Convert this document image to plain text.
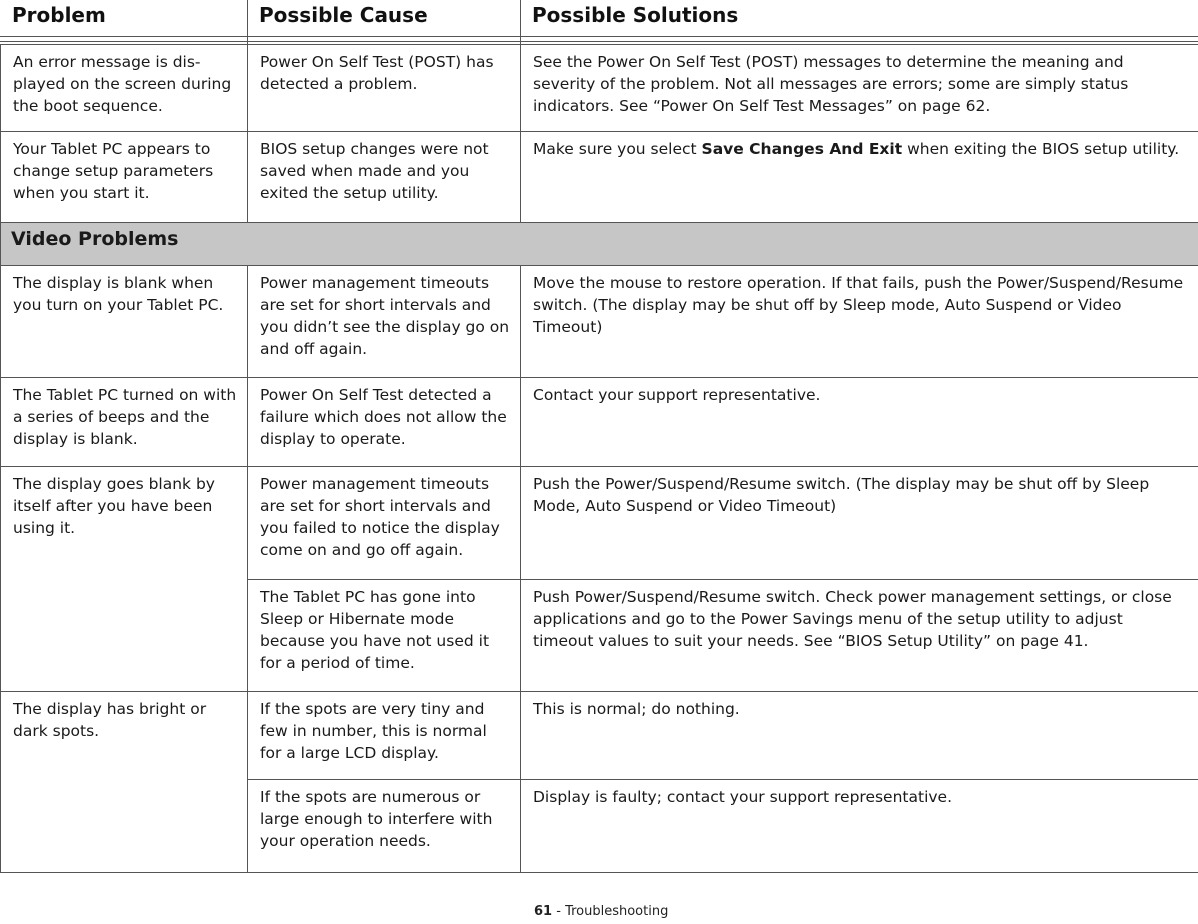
Problem	Possible Cause	Possible Solutions
An error message is dis-played on the screen during the boot sequence.	Power On Self Test (POST) has detected a problem.	See the Power On Self Test (POST) messages to determine the meaning and severity of the problem. Not all messages are errors; some are simply status indicators. See “Power On Self Test Messages” on page 62.
Your Tablet PC appears to change setup parameters when you start it.	BIOS setup changes were not saved when made and you exited the setup utility.	Make sure you select Save Changes And Exit when exiting the BIOS setup utility.
Video Problems		
The display is blank when you turn on your Tablet PC.	Power management timeouts are set for short intervals and you didn’t see the display go on and off again.	Move the mouse to restore operation. If that fails, push the Power/Suspend/Resume switch. (The display may be shut off by Sleep mode, Auto Suspend or Video Timeout)
The Tablet PC turned on with a series of beeps and the display is blank.	Power On Self Test detected a failure which does not allow the display to operate.	Contact your support representative.
The display goes blank by itself after you have been using it.	Power management timeouts are set for short intervals and you failed to notice the display come on and go off again.	Push the Power/Suspend/Resume switch. (The display may be shut off by Sleep Mode, Auto Suspend or Video Timeout)
	The Tablet PC has gone into Sleep or Hibernate mode because you have not used it for a period of time.	Push Power/Suspend/Resume switch. Check power management settings, or close applications and go to the Power Savings menu of the setup utility to adjust timeout values to suit your needs. See “BIOS Setup Utility” on page 41.
The display has bright or dark spots.	If the spots are very tiny and few in number, this is normal for a large LCD display.	This is normal; do nothing.
	If the spots are numerous or large enough to interfere with your operation needs.	Display is faulty; contact your support representative.
61 - Troubleshooting
